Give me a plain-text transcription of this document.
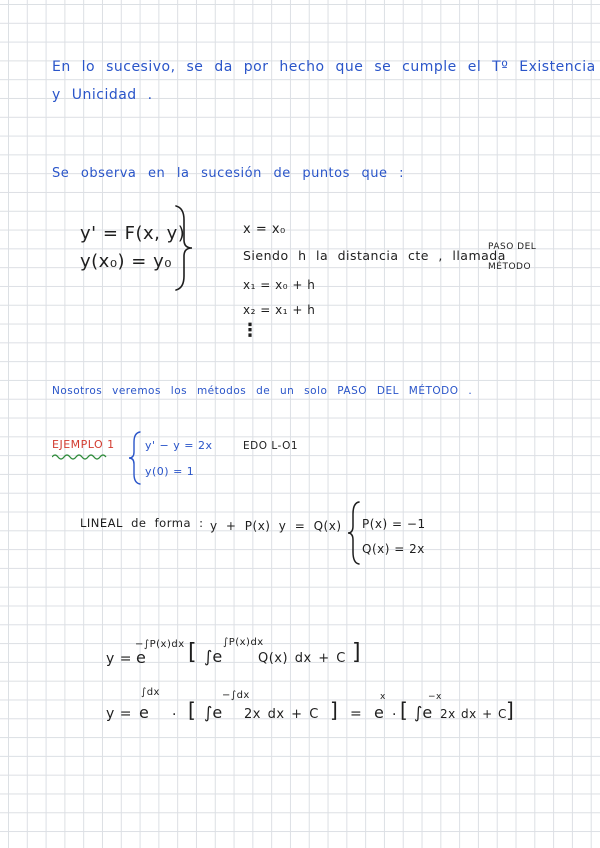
En lo sucesivo, se da por hecho que se cumple el Tº Existencia
y Unicidad .
Se observa en la sucesión de puntos que :
y' = F(x, y)
y(x₀) = y₀
x = x₀
Siendo h la distancia cte , llamada
PASO DEL
MÉTODO
x₁ = x₀ + h
x₂ = x₁ + h
⋮
Nosotros veremos los métodos de un solo PASO DEL MÉTODO .
EJEMPLO 1	y' − y = 2x
y(0) = 1
EDO L-O1
LINEAL de forma : y + P(x) y = Q(x) P(x) = −1
Q(x) = 2x
y = e
−∫P(x)dx [ ∫e
∫P(x)dx
Q(x) dx + C ]
y = e
∫dx
· [ ∫e
−∫dx
2x dx + C ] = e
x
· [ ∫e
−x
2x dx + C ]
